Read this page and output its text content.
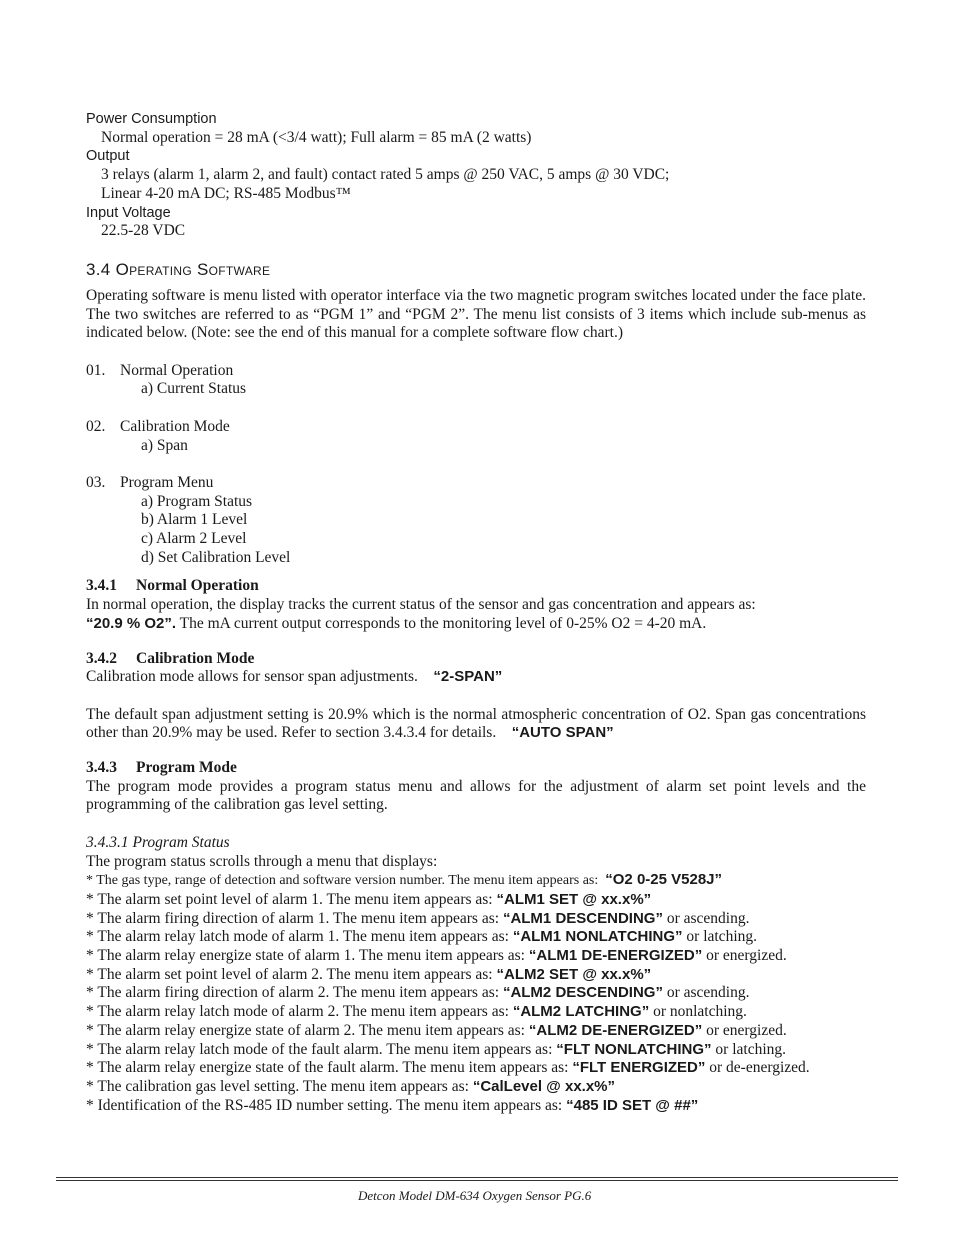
Power Consumption
Normal operation = 28 mA (<3/4 watt); Full alarm = 85 mA (2 watts)
Output
3 relays (alarm 1, alarm 2, and fault) contact rated 5 amps @ 250 VAC, 5 amps @ 30 VDC;
Linear 4-20 mA DC; RS-485 Modbus™
Input Voltage
22.5-28 VDC
3.4 Operating Software
Operating software is menu listed with operator interface via the two magnetic program switches located under the face plate. The two switches are referred to as “PGM 1” and “PGM 2”. The menu list consists of 3 items which include sub-menus as indicated below. (Note: see the end of this manual for a complete software flow chart.)
01. Normal Operation
a) Current Status
02. Calibration Mode
a) Span
03. Program Menu
a) Program Status
b) Alarm 1 Level
c) Alarm 2 Level
d) Set Calibration Level
3.4.1 Normal Operation
In normal operation, the display tracks the current status of the sensor and gas concentration and appears as:
“20.9 % O2”. The mA current output corresponds to the monitoring level of 0-25% O2 = 4-20 mA.
3.4.2 Calibration Mode
Calibration mode allows for sensor span adjustments. “2-SPAN”
The default span adjustment setting is 20.9% which is the normal atmospheric concentration of O2. Span gas concentrations other than 20.9% may be used. Refer to section 3.4.3.4 for details. “AUTO SPAN”
3.4.3 Program Mode
The program mode provides a program status menu and allows for the adjustment of alarm set point levels and the programming of the calibration gas level setting.
3.4.3.1 Program Status
The program status scrolls through a menu that displays:
* The gas type, range of detection and software version number. The menu item appears as: “O2 0-25 V528J”
* The alarm set point level of alarm 1. The menu item appears as: “ALM1 SET @ xx.x%”
* The alarm firing direction of alarm 1. The menu item appears as: “ALM1 DESCENDING” or ascending.
* The alarm relay latch mode of alarm 1. The menu item appears as: “ALM1 NONLATCHING” or latching.
* The alarm relay energize state of alarm 1. The menu item appears as: “ALM1 DE-ENERGIZED” or energized.
* The alarm set point level of alarm 2. The menu item appears as: “ALM2 SET @ xx.x%”
* The alarm firing direction of alarm 2. The menu item appears as: “ALM2 DESCENDING” or ascending.
* The alarm relay latch mode of alarm 2. The menu item appears as: “ALM2 LATCHING” or nonlatching.
* The alarm relay energize state of alarm 2. The menu item appears as: “ALM2 DE-ENERGIZED” or energized.
* The alarm relay latch mode of the fault alarm. The menu item appears as: “FLT NONLATCHING” or latching.
* The alarm relay energize state of the fault alarm. The menu item appears as: “FLT ENERGIZED” or de-energized.
* The calibration gas level setting. The menu item appears as: “CalLevel @ xx.x%”
* Identification of the RS-485 ID number setting. The menu item appears as: “485 ID SET @ ##”
Detcon Model DM-634 Oxygen Sensor PG.6
